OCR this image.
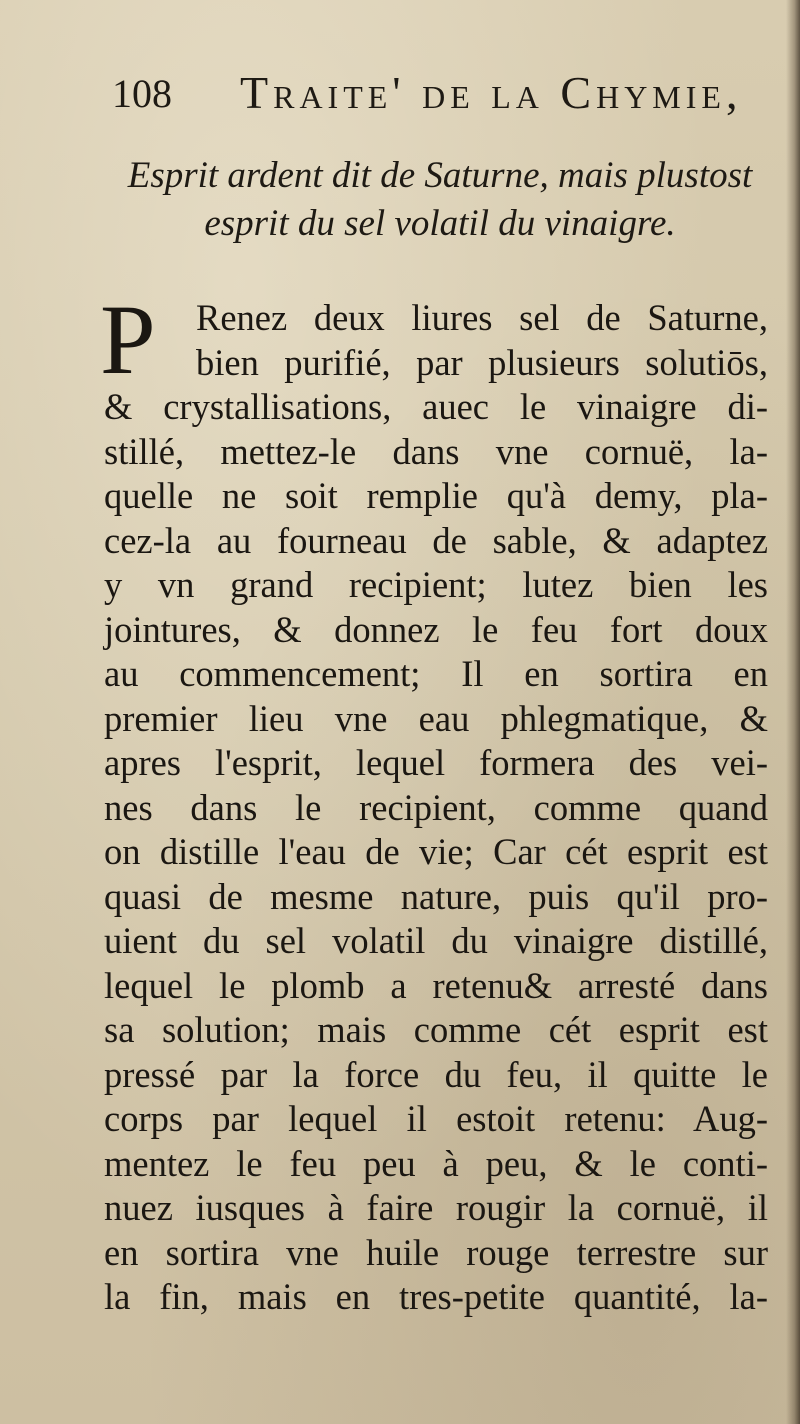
108 Traite' de la Chymie,
Esprit ardent dit de Saturne, mais plustost
esprit du sel volatil du vinaigre.
P	Renez deux liures sel de Saturne,
bien purifié, par plusieurs solutiōs,
& crystallisations, auec le vinaigre di-
stillé, mettez-le dans vne cornuë, la-
quelle ne soit remplie qu'à demy, pla-
cez-la au fourneau de sable, & adaptez
y vn grand recipient; lutez bien les
jointures, & donnez le feu fort doux
au commencement; Il en sortira en
premier lieu vne eau phlegmatique, &
apres l'esprit, lequel formera des vei-
nes dans le recipient, comme quand
on distille l'eau de vie; Car cét esprit est
quasi de mesme nature, puis qu'il pro-
uient du sel volatil du vinaigre distillé,
lequel le plomb a retenu& arresté dans
sa solution; mais comme cét esprit est
pressé par la force du feu, il quitte le
corps par lequel il estoit retenu: Aug-
mentez le feu peu à peu, & le conti-
nuez iusques à faire rougir la cornuë, il
en sortira vne huile rouge terrestre sur
la fin, mais en tres-petite quantité, la-
